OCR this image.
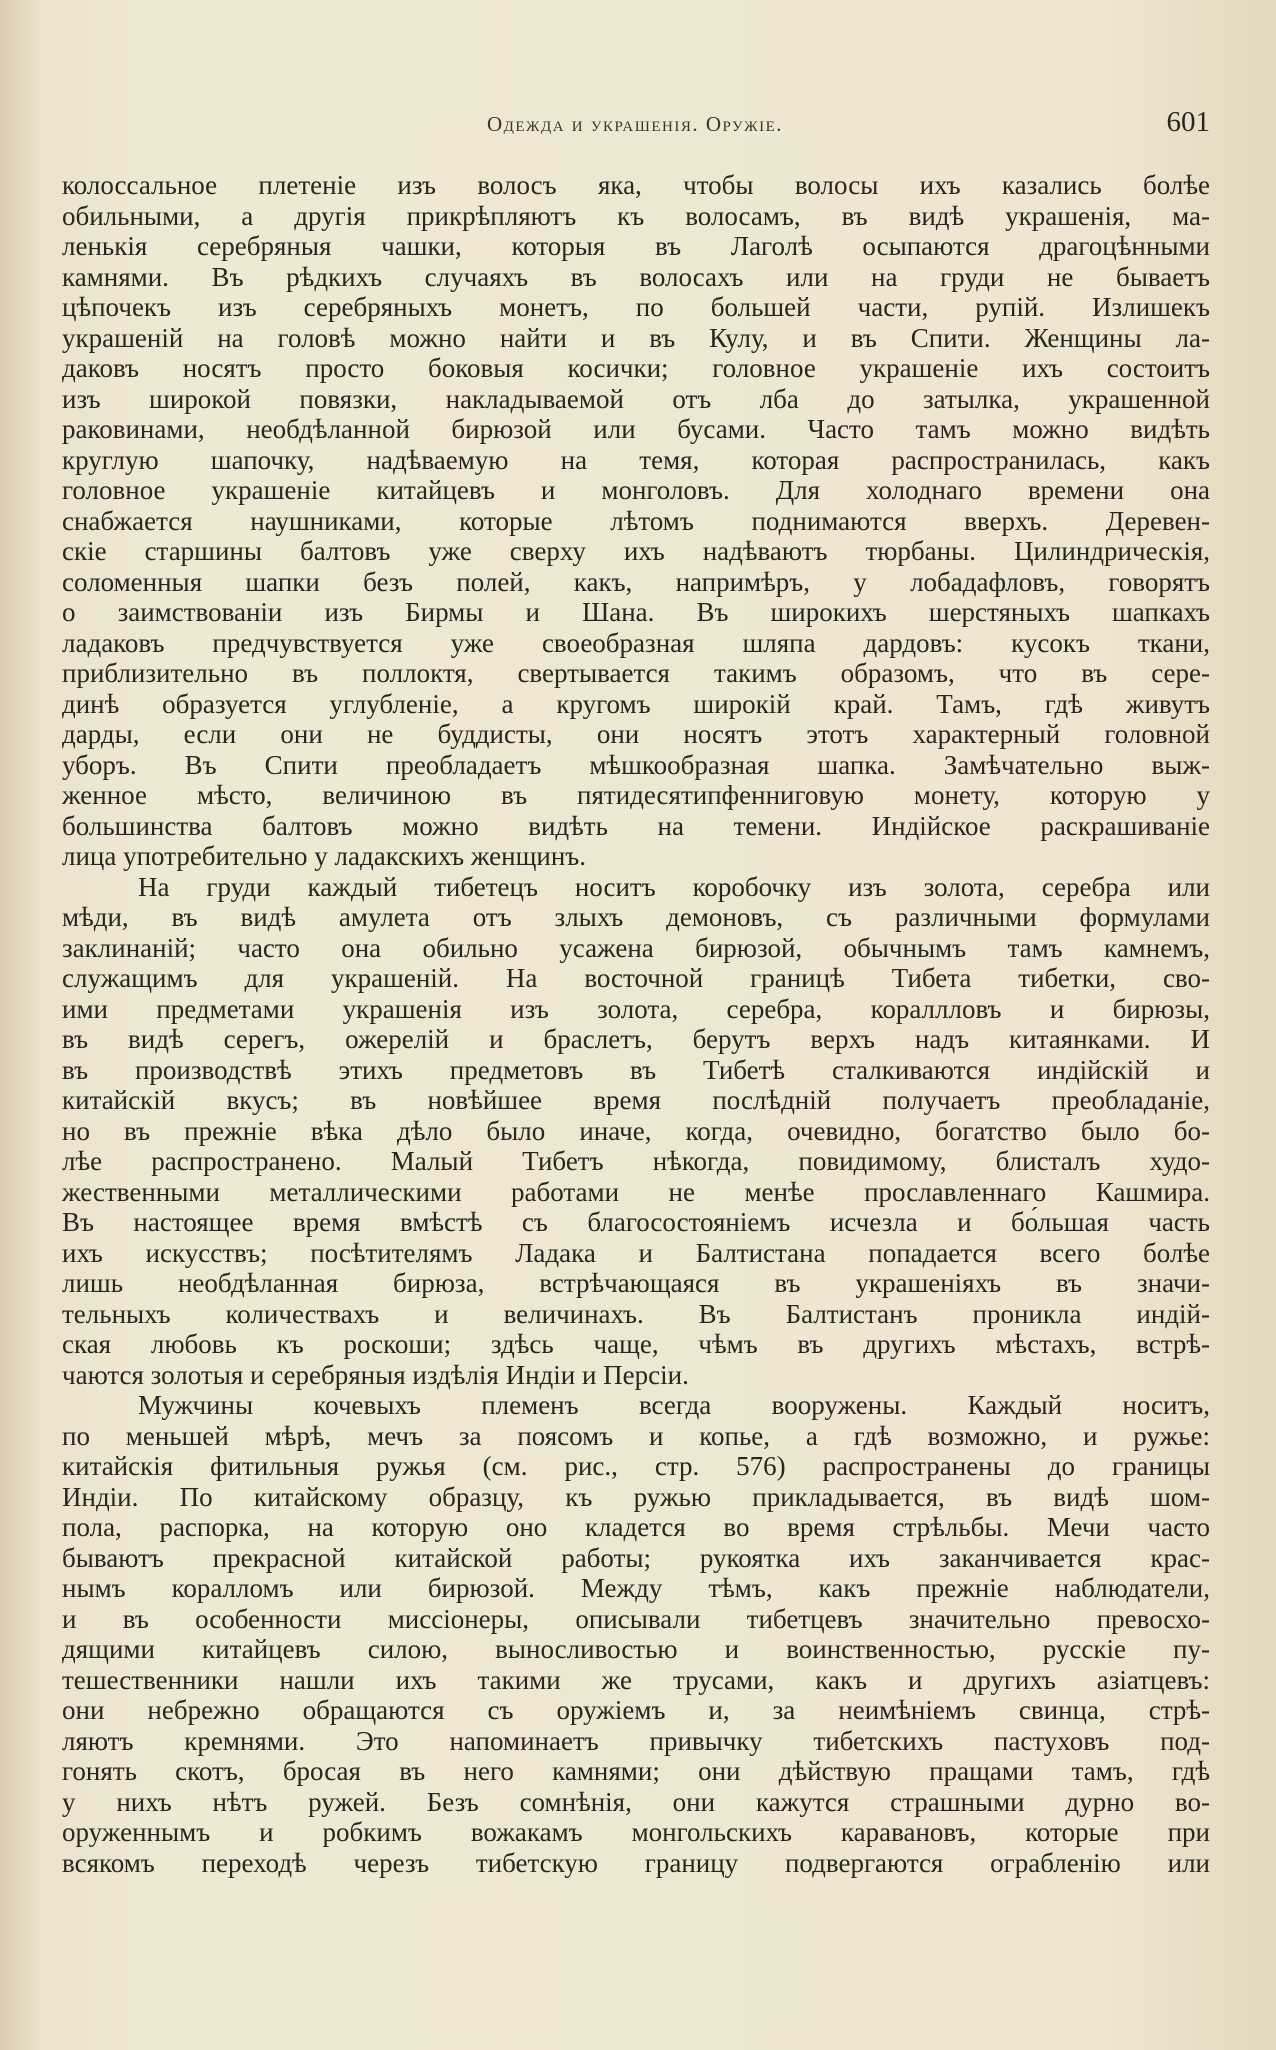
Одежда и украшенія. Оружіе.	601
колоссальное плетеніе изъ волосъ яка, чтобы волосы ихъ казались болѣе
обильными, а другія прикрѣпляютъ къ волосамъ, въ видѣ украшенія, ма-
ленькія серебряныя чашки, которыя въ Лаголѣ осыпаются драгоцѣнными
камнями. Въ рѣдкихъ случаяхъ въ волосахъ или на груди не бываетъ
цѣпочекъ изъ серебряныхъ монетъ, по большей части, рупій. Излишекъ
украшеній на головѣ можно найти и въ Кулу, и въ Спити. Женщины ла-
даковъ носятъ просто боковыя косички; головное украшеніе ихъ состоитъ
изъ широкой повязки, накладываемой отъ лба до затылка, украшенной
раковинами, необдѣланной бирюзой или бусами. Часто тамъ можно видѣть
круглую шапочку, надѣваемую на темя, которая распространилась, какъ
головное украшеніе китайцевъ и монголовъ. Для холоднаго времени она
снабжается наушниками, которые лѣтомъ поднимаются вверхъ. Деревен-
скіе старшины балтовъ уже сверху ихъ надѣваютъ тюрбаны. Цилиндрическія,
соломенныя шапки безъ полей, какъ, напримѣръ, у лобадафловъ, говорятъ
о заимствованіи изъ Бирмы и Шана. Въ широкихъ шерстяныхъ шапкахъ
ладаковъ предчувствуется уже своеобразная шляпа дардовъ: кусокъ ткани,
приблизительно въ поллоктя, свертывается такимъ образомъ, что въ сере-
динѣ образуется углубленіе, а кругомъ широкій край. Тамъ, гдѣ живутъ
дарды, если они не буддисты, они носятъ этотъ характерный головной
уборъ. Въ Спити преобладаетъ мѣшкообразная шапка. Замѣчательно выж-
женное мѣсто, величиною въ пятидесятипфенниговую монету, которую у
большинства балтовъ можно видѣть на темени. Индійское раскрашиваніе
лица употребительно у ладакскихъ женщинъ.
На груди каждый тибетецъ носитъ коробочку изъ золота, серебра или
мѣди, въ видѣ амулета отъ злыхъ демоновъ, съ различными формулами
заклинаній; часто она обильно усажена бирюзой, обычнымъ тамъ камнемъ,
служащимъ для украшеній. На восточной границѣ Тибета тибетки, сво-
ими предметами украшенія изъ золота, серебра, кораллловъ и бирюзы,
въ видѣ серегъ, ожерелій и браслетъ, берутъ верхъ надъ китаянками. И
въ производствѣ этихъ предметовъ въ Тибетѣ сталкиваются индійскій и
китайскій вкусъ; въ новѣйшее время послѣдній получаетъ преобладаніе,
но въ прежніе вѣка дѣло было иначе, когда, очевидно, богатство было бо-
лѣе распространено. Малый Тибетъ нѣкогда, повидимому, блисталъ худо-
жественными металлическими работами не менѣе прославленнаго Кашмира.
Въ настоящее время вмѣстѣ съ благосостояніемъ исчезла и бо́льшая часть
ихъ искусствъ; посѣтителямъ Ладака и Балтистана попадается всего болѣе
лишь необдѣланная бирюза, встрѣчающаяся въ украшеніяхъ въ значи-
тельныхъ количествахъ и величинахъ. Въ Балтистанъ проникла индій-
ская любовь къ роскоши; здѣсь чаще, чѣмъ въ другихъ мѣстахъ, встрѣ-
чаются золотыя и серебряныя издѣлія Индіи и Персіи.
Мужчины кочевыхъ племенъ всегда вооружены. Каждый носитъ,
по меньшей мѣрѣ, мечъ за поясомъ и копье, а гдѣ возможно, и ружье:
китайскія фитильныя ружья (см. рис., стр. 576) распространены до границы
Индіи. По китайскому образцу, къ ружью прикладывается, въ видѣ шом-
пола, распорка, на которую оно кладется во время стрѣльбы. Мечи часто
бываютъ прекрасной китайской работы; рукоятка ихъ заканчивается крас-
нымъ коралломъ или бирюзой. Между тѣмъ, какъ прежніе наблюдатели,
и въ особенности миссіонеры, описывали тибетцевъ значительно превосхо-
дящими китайцевъ силою, выносливостью и воинственностью, русскіе пу-
тешественники нашли ихъ такими же трусами, какъ и другихъ азіатцевъ:
они небрежно обращаются съ оружіемъ и, за неимѣніемъ свинца, стрѣ-
ляютъ кремнями. Это напоминаетъ привычку тибетскихъ пастуховъ под-
гонять скотъ, бросая въ него камнями; они дѣйствую пращами тамъ, гдѣ
у нихъ нѣтъ ружей. Безъ сомнѣнія, они кажутся страшными дурно во-
оруженнымъ и робкимъ вожакамъ монгольскихъ каравановъ, которые при
всякомъ переходѣ черезъ тибетскую границу подвергаются ограбленію или
